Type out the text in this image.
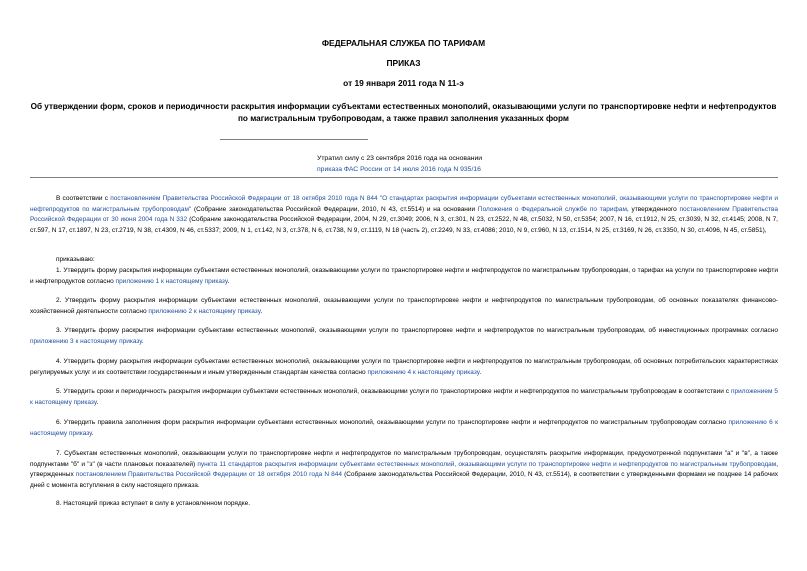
ФЕДЕРАЛЬНАЯ СЛУЖБА ПО ТАРИФАМ

ПРИКАЗ

от 19 января 2011 года N 11-э

Об утверждении форм, сроков и периодичности раскрытия информации субъектами естественных монополий, оказывающими услуги по транспортировке нефти и нефтепродуктов по магистральным трубопроводам, а также правил заполнения указанных форм
Утратил силу с 23 сентября 2016 года на основании
приказа ФАС России от 14 июля 2016 года N 935/16

В соответствии с постановлением Правительства Российской Федерации от 18 октября 2010 года N 844 "О стандартах раскрытия информации субъектами естественных монополий, оказывающими услуги по транспортировке нефти и нефтепродуктов по магистральным трубопроводам" (Собрание законодательства Российской Федерации, 2010, N 43, ст.5514) и на основании Положения о Федеральной службе по тарифам, утвержденного постановлением Правительства Российской Федерации от 30 июня 2004 года N 332 (Собрание законодательства Российской Федерации, 2004, N 29, ст.3049; 2006, N 3, ст.301, N 23, ст.2522, N 48, ст.5032, N 50, ст.5354; 2007, N 16, ст.1912, N 25, ст.3039, N 32, ст.4145; 2008, N 7, ст.597, N 17, ст.1897, N 23, ст.2719, N 38, ст.4309, N 46, ст.5337; 2009, N 1, ст.142, N 3, ст.378, N 6, ст.738, N 9, ст.1119, N 18 (часть 2), ст.2249, N 33, ст.4086; 2010, N 9, ст.960, N 13, ст.1514, N 25, ст.3169, N 26, ст.3350, N 30, ст.4096, N 45, ст.5851),

приказываю:

1. Утвердить форму раскрытия информации субъектами естественных монополий, оказывающими услуги по транспортировке нефти и нефтепродуктов по магистральным трубопроводам, о тарифах на услуги по транспортировке нефти и нефтепродуктов согласно приложению 1 к настоящему приказу.

2. Утвердить форму раскрытия информации субъектами естественных монополий, оказывающими услуги по транспортировке нефти и нефтепродуктов по магистральным трубопроводам, об основных показателях финансово-хозяйственной деятельности согласно приложению 2 к настоящему приказу.

3. Утвердить форму раскрытия информации субъектами естественных монополий, оказывающими услуги по транспортировке нефти и нефтепродуктов по магистральным трубопроводам, об инвестиционных программах согласно приложению 3 к настоящему приказу.

4. Утвердить форму раскрытия информации субъектами естественных монополий, оказывающими услуги по транспортировке нефти и нефтепродуктов по магистральным трубопроводам, об основных потребительских характеристиках регулируемых услуг и их соответствии государственным и иным утвержденным стандартам качества согласно приложению 4 к настоящему приказу.

5. Утвердить сроки и периодичность раскрытия информации субъектами естественных монополий, оказывающими услуги по транспортировке нефти и нефтепродуктов по магистральным трубопроводам в соответствии с приложением 5 к настоящему приказу.

6. Утвердить правила заполнения форм раскрытия информации субъектами естественных монополий, оказывающими услуги по транспортировке нефти и нефтепродуктов по магистральным трубопроводам согласно приложению 6 к настоящему приказу.

7. Субъектам естественных монополий, оказывающим услуги по транспортировке нефти и нефтепродуктов по магистральным трубопроводам, осуществлять раскрытие информации, предусмотренной подпунктами "а" и "в", а также подпунктами "б" и "з" (в части плановых показателей) пункта 11 стандартов раскрытия информации субъектами естественных монополий, оказывающими услуги по транспортировке нефти и нефтепродуктов по магистральным трубопроводам, утвержденных постановлением Правительства Российской Федерации от 18 октября 2010 года N 844 (Собрание законодательства Российской Федерации, 2010, N 43, ст.5514), в соответствии с утвержденными формами не позднее 14 рабочих дней с момента вступления в силу настоящего приказа.

8. Настоящий приказ вступает в силу в установленном порядке.
